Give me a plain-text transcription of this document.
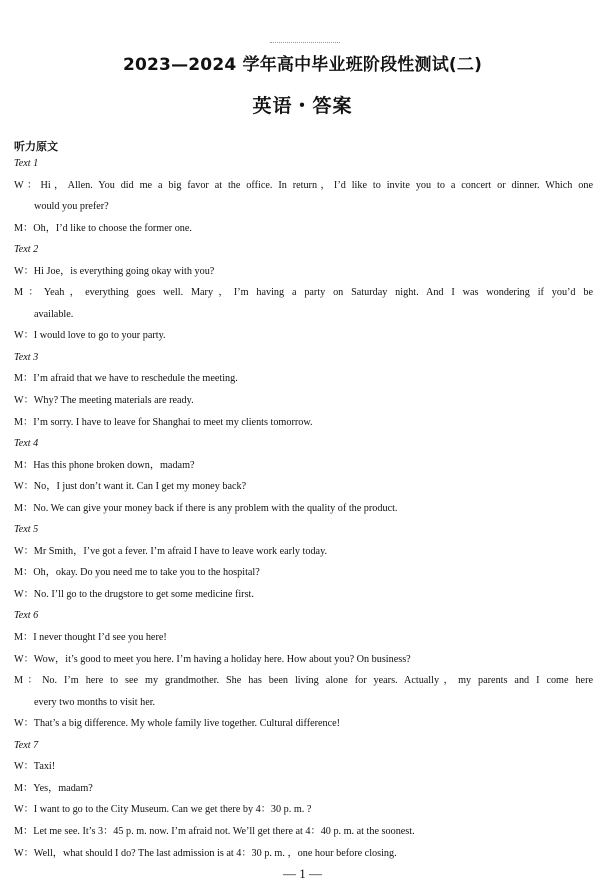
2023—2024 学年高中毕业班阶段性测试(二)
英语・答案
听力原文
Text 1
W：Hi，Allen. You did me a big favor at the office. In return，I’d like to invite you to a concert or dinner. Which one
would you prefer?
M：Oh，I’d like to choose the former one.
Text 2
W：Hi Joe，is everything going okay with you?
M：Yeah，everything goes well. Mary，I’m having a party on Saturday night. And I was wondering if you’d be
available.
W：I would love to go to your party.
Text 3
M：I’m afraid that we have to reschedule the meeting.
W：Why? The meeting materials are ready.
M：I’m sorry. I have to leave for Shanghai to meet my clients tomorrow.
Text 4
M：Has this phone broken down，madam?
W：No，I just don’t want it. Can I get my money back?
M：No. We can give your money back if there is any problem with the quality of the product.
Text 5
W：Mr Smith，I’ve got a fever. I’m afraid I have to leave work early today.
M：Oh，okay. Do you need me to take you to the hospital?
W：No. I’ll go to the drugstore to get some medicine first.
Text 6
M：I never thought I’d see you here!
W：Wow，it’s good to meet you here. I’m having a holiday here. How about you? On business?
M：No. I’m here to see my grandmother. She has been living alone for years. Actually，my parents and I come here
every two months to visit her.
W：That’s a big difference. My whole family live together. Cultural difference!
Text 7
W：Taxi!
M：Yes，madam?
W：I want to go to the City Museum. Can we get there by 4：30 p. m. ?
M：Let me see. It’s 3：45 p. m. now. I’m afraid not. We’ll get there at 4：40 p. m. at the soonest.
W：Well，what should I do? The last admission is at 4：30 p. m. ，one hour before closing.
— 1 —
